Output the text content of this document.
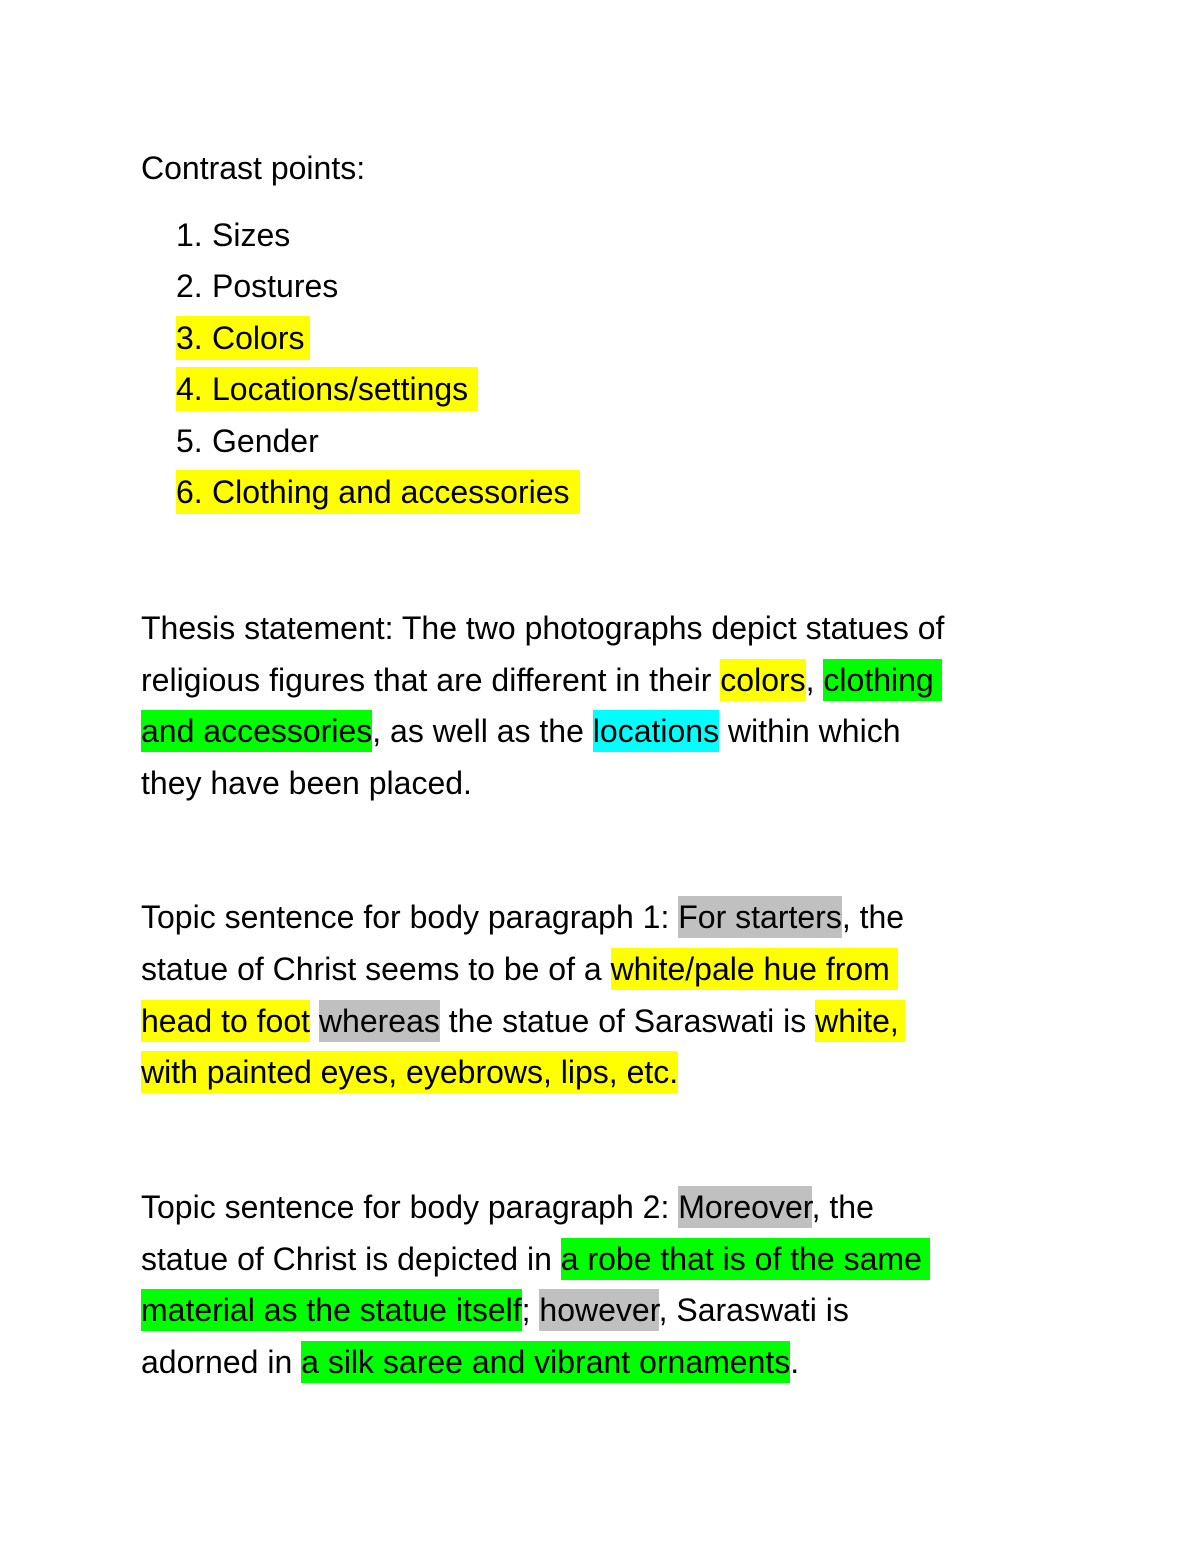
Contrast points:
1. Sizes
2. Postures
3. Colors
4. Locations/settings
5. Gender
6. Clothing and accessories
Thesis statement: The two photographs depict statues of
religious figures that are different in their colors, clothing
and accessories, as well as the locations within which
they have been placed.
Topic sentence for body paragraph 1: For starters, the
statue of Christ seems to be of a white/pale hue from
head to foot whereas the statue of Saraswati is white,
with painted eyes, eyebrows, lips, etc.
Topic sentence for body paragraph 2: Moreover, the
statue of Christ is depicted in a robe that is of the same
material as the statue itself; however, Saraswati is
adorned in a silk saree and vibrant ornaments.
